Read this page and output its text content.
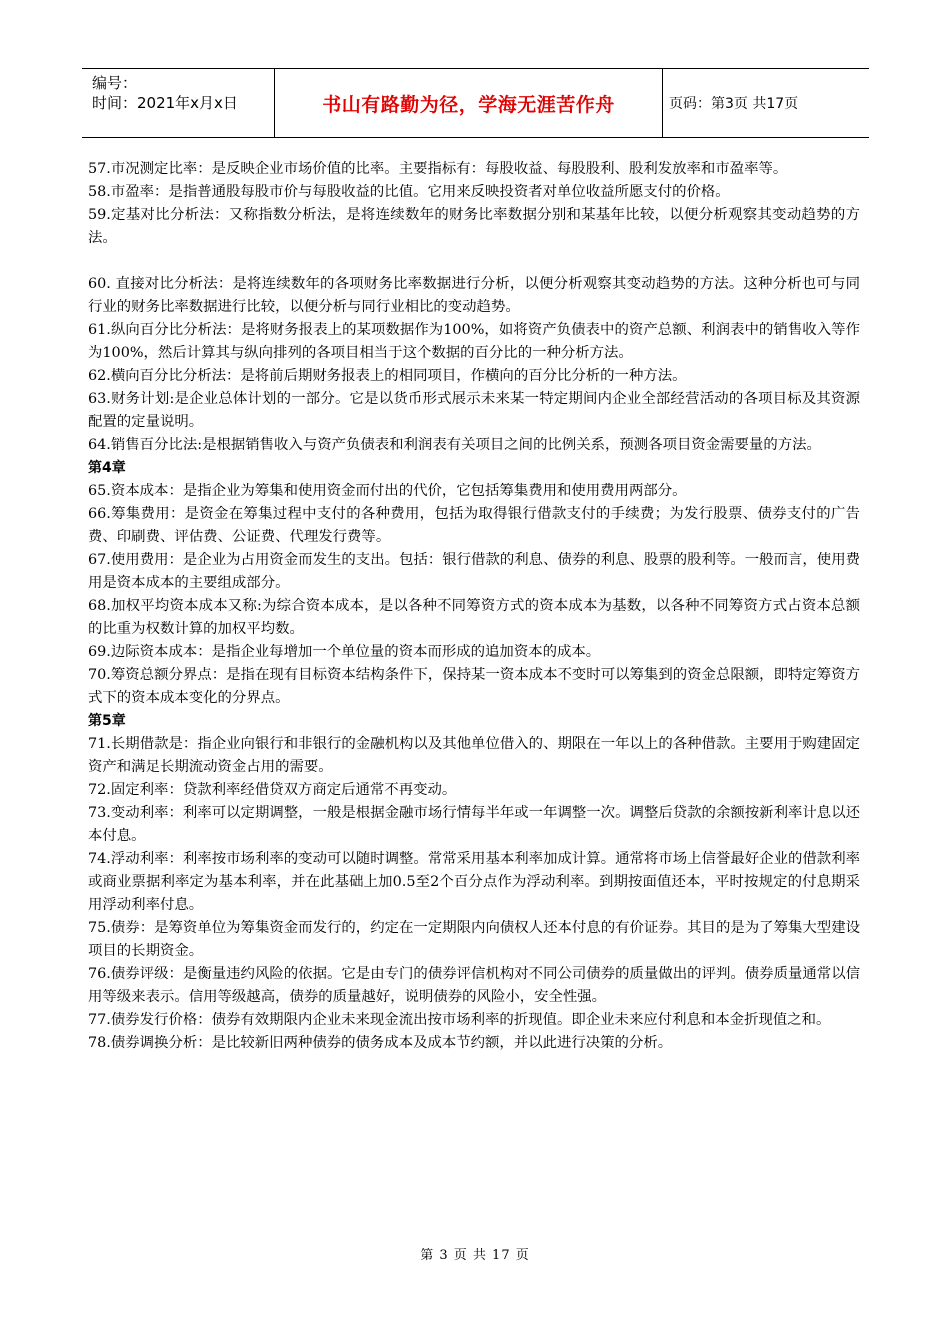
编号：
时间：2021年x月x日	书山有路勤为径，学海无涯苦作舟	页码：第3页 共17页

57.市况测定比率：是反映企业市场价值的比率。主要指标有：每股收益、每股股利、股利发放率和市盈率等。

58.市盈率：是指普通股每股市价与每股收益的比值。它用来反映投资者对单位收益所愿支付的价格。

59.定基对比分析法：又称指数分析法，是将连续数年的财务比率数据分别和某基年比较，以便分析观察其变动趋势的方法。

60. 直接对比分析法：是将连续数年的各项财务比率数据进行分析，以便分析观察其变动趋势的方法。这种分析也可与同行业的财务比率数据进行比较，以便分析与同行业相比的变动趋势。

61.纵向百分比分析法：是将财务报表上的某项数据作为100%，如将资产负债表中的资产总额、利润表中的销售收入等作为100%，然后计算其与纵向排列的各项目相当于这个数据的百分比的一种分析方法。

62.横向百分比分析法：是将前后期财务报表上的相同项目，作横向的百分比分析的一种方法。

63.财务计划:是企业总体计划的一部分。它是以货币形式展示未来某一特定期间内企业全部经营活动的各项目标及其资源配置的定量说明。

64.销售百分比法:是根据销售收入与资产负债表和利润表有关项目之间的比例关系，预测各项目资金需要量的方法。

第4章

65.资本成本：是指企业为筹集和使用资金而付出的代价，它包括筹集费用和使用费用两部分。

66.筹集费用：是资金在筹集过程中支付的各种费用，包括为取得银行借款支付的手续费；为发行股票、债券支付的广告费、印刷费、评估费、公证费、代理发行费等。

67.使用费用：是企业为占用资金而发生的支出。包括：银行借款的利息、债券的利息、股票的股利等。一般而言，使用费用是资本成本的主要组成部分。

68.加权平均资本成本又称:为综合资本成本，是以各种不同筹资方式的资本成本为基数，以各种不同筹资方式占资本总额的比重为权数计算的加权平均数。

69.边际资本成本：是指企业每增加一个单位量的资本而形成的追加资本的成本。

70.筹资总额分界点：是指在现有目标资本结构条件下，保持某一资本成本不变时可以筹集到的资金总限额，即特定筹资方式下的资本成本变化的分界点。

第5章

71.长期借款是：指企业向银行和非银行的金融机构以及其他单位借入的、期限在一年以上的各种借款。主要用于购建固定资产和满足长期流动资金占用的需要。

72.固定利率：贷款利率经借贷双方商定后通常不再变动。

73.变动利率：利率可以定期调整，一般是根据金融市场行情每半年或一年调整一次。调整后贷款的余额按新利率计息以还本付息。

74.浮动利率：利率按市场利率的变动可以随时调整。常常采用基本利率加成计算。通常将市场上信誉最好企业的借款利率或商业票据利率定为基本利率，并在此基础上加0.5至2个百分点作为浮动利率。到期按面值还本，平时按规定的付息期采用浮动利率付息。

75.债券：是筹资单位为筹集资金而发行的，约定在一定期限内向债权人还本付息的有价证券。其目的是为了筹集大型建设项目的长期资金。

76.债券评级：是衡量违约风险的依据。它是由专门的债券评信机构对不同公司债券的质量做出的评判。债券质量通常以信用等级来表示。信用等级越高，债券的质量越好，说明债券的风险小，安全性强。

77.债券发行价格：债券有效期限内企业未来现金流出按市场利率的折现值。即企业未来应付利息和本金折现值之和。

78.债券调换分析：是比较新旧两种债券的债务成本及成本节约额，并以此进行决策的分析。

第 3 页 共 17 页
